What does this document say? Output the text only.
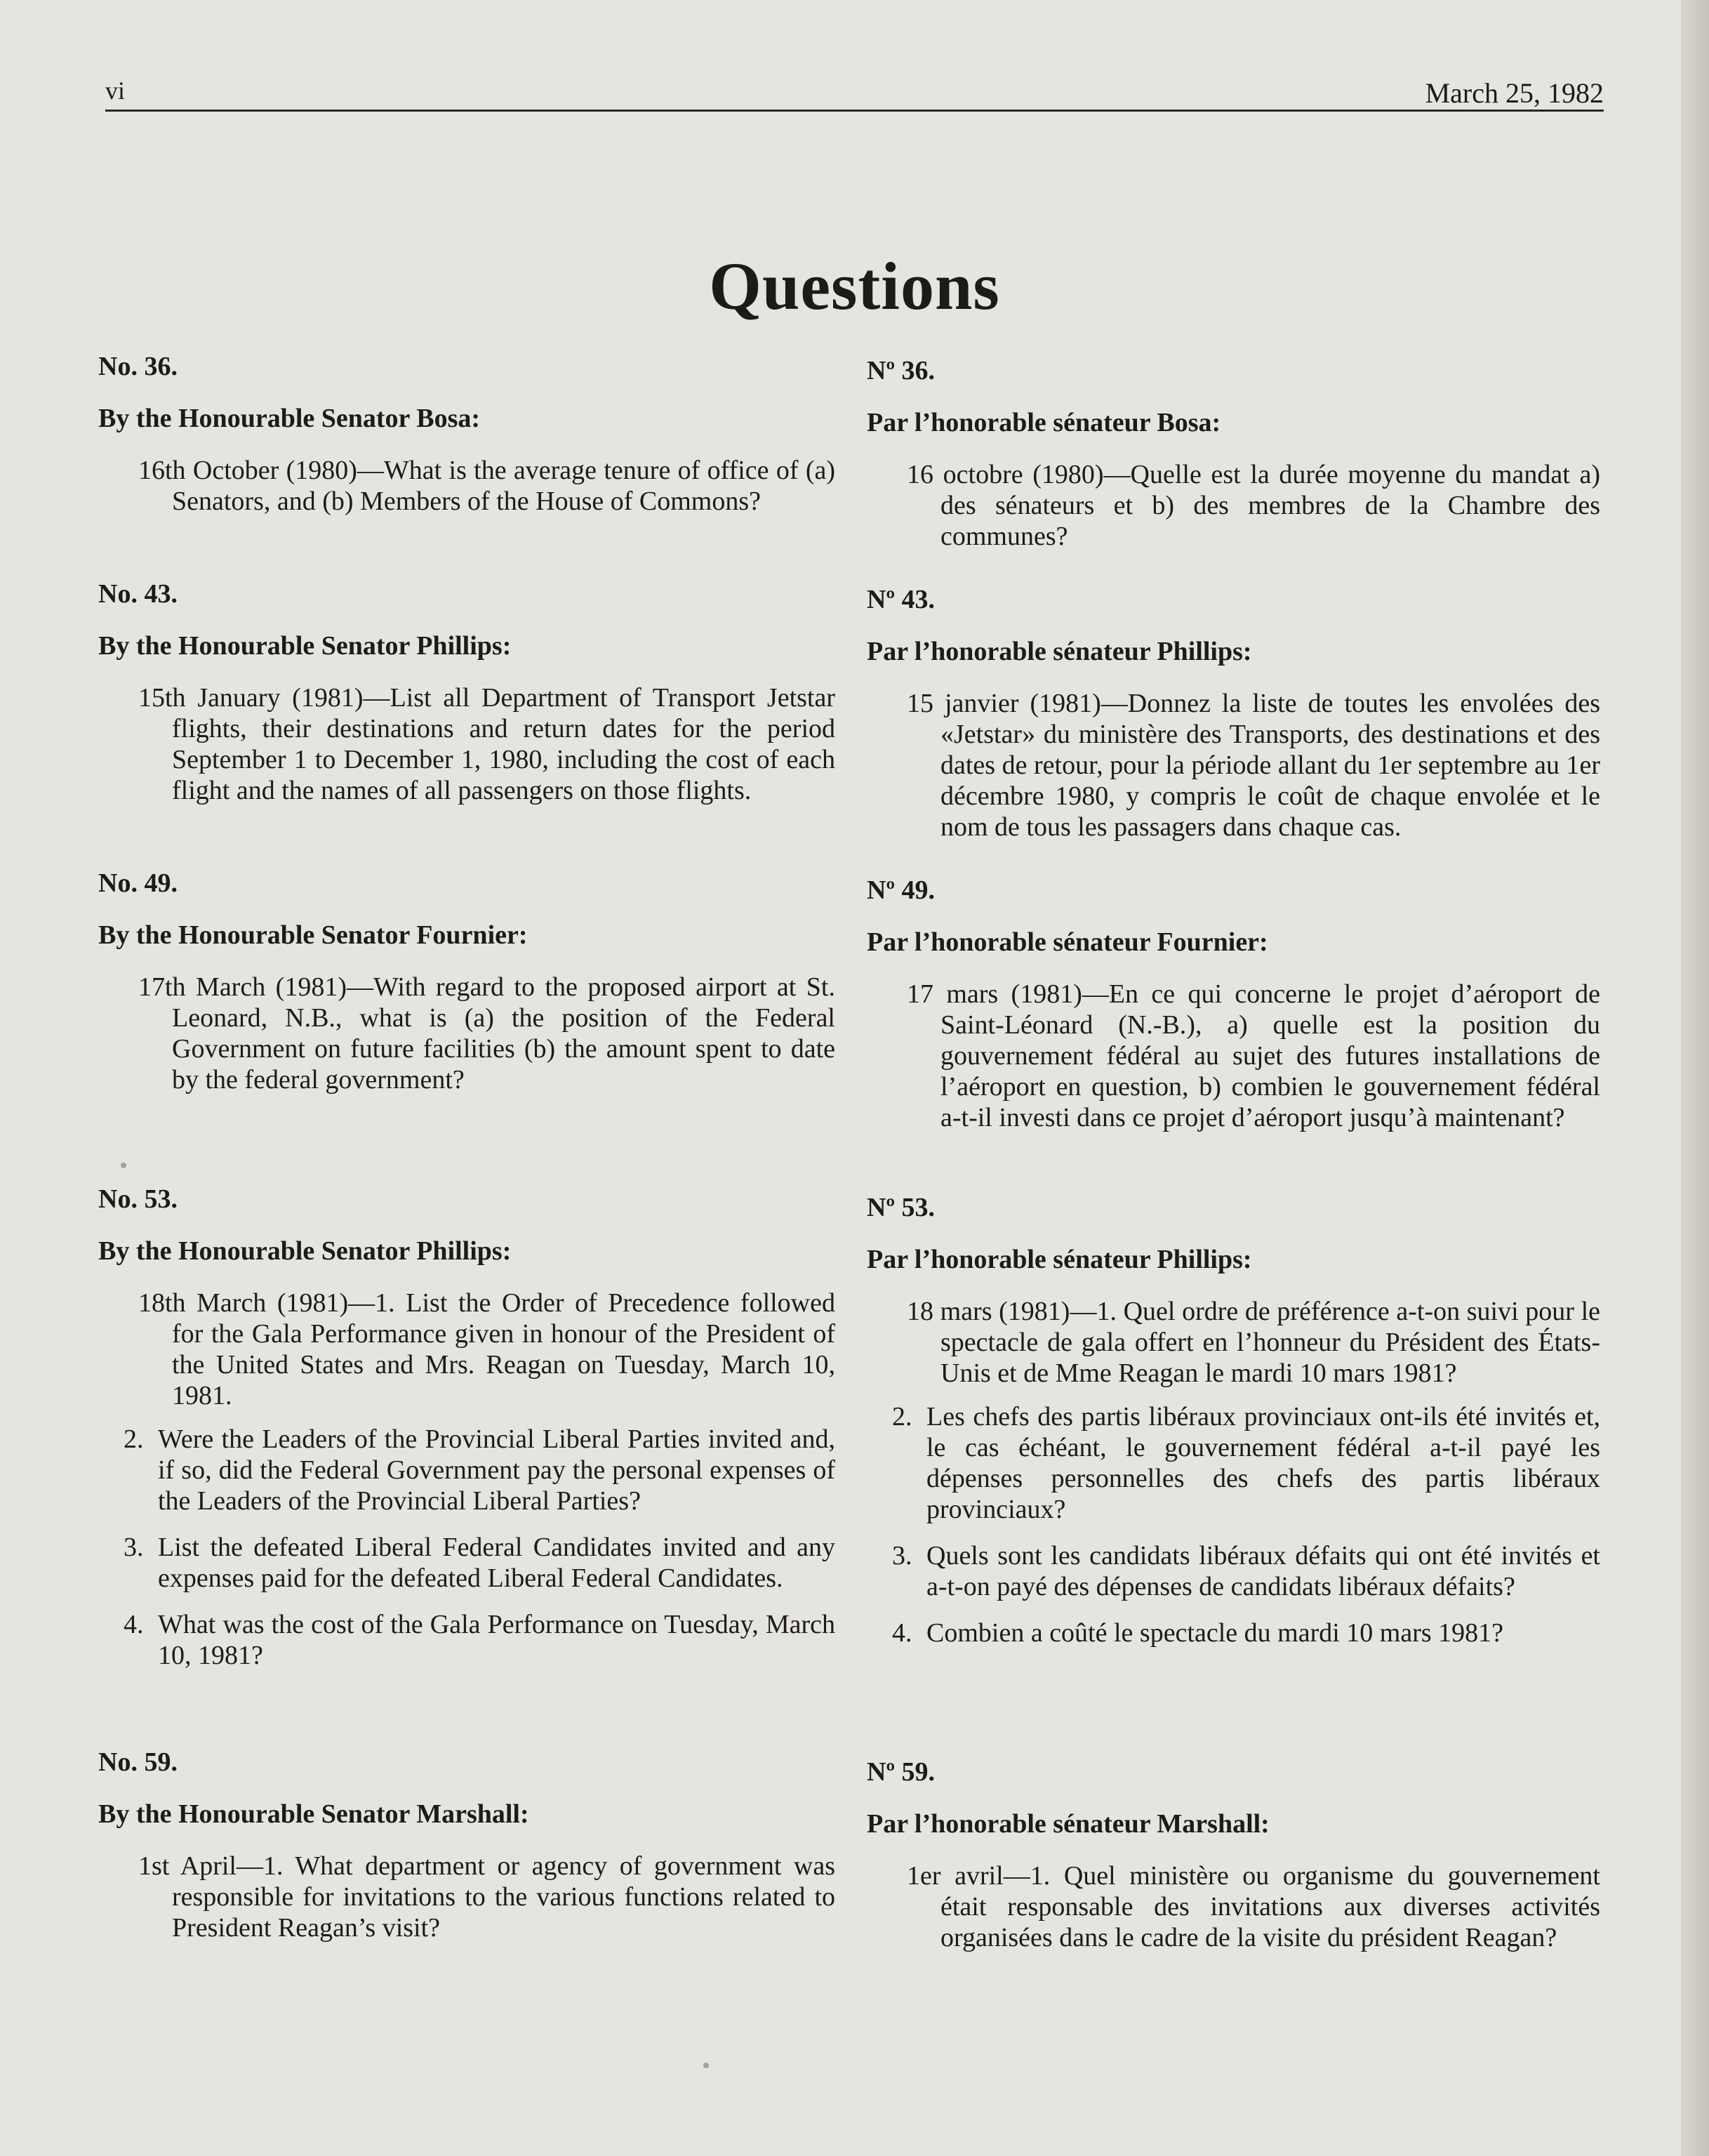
vi	March 25, 1982
Questions

No. 36.

By the Honourable Senator Bosa:

16th October (1980)—What is the average tenure of office of (a) Senators, and (b) Members of the House of Commons?

No. 43.

By the Honourable Senator Phillips:

15th January (1981)—List all Department of Transport Jetstar flights, their destinations and return dates for the period September 1 to December 1, 1980, including the cost of each flight and the names of all passengers on those flights.

No. 49.

By the Honourable Senator Fournier:

17th March (1981)—With regard to the proposed airport at St. Leonard, N.B., what is (a) the position of the Federal Government on future facilities (b) the amount spent to date by the federal government?

No. 53.

By the Honourable Senator Phillips:

18th March (1981)—1. List the Order of Precedence followed for the Gala Performance given in honour of the President of the United States and Mrs. Reagan on Tuesday, March 10, 1981.

2. Were the Leaders of the Provincial Liberal Parties invited and, if so, did the Federal Government pay the personal expenses of the Leaders of the Provincial Liberal Parties?
3. List the defeated Liberal Federal Candidates invited and any expenses paid for the defeated Liberal Federal Candidates.
4. What was the cost of the Gala Performance on Tuesday, March 10, 1981?

No. 59.

By the Honourable Senator Marshall:

1st April—1. What department or agency of government was responsible for invitations to the various functions related to President Reagan’s visit?

Nº 36.

Par l’honorable sénateur Bosa:

16 octobre (1980)—Quelle est la durée moyenne du mandat a) des sénateurs et b) des membres de la Chambre des communes?

Nº 43.

Par l’honorable sénateur Phillips:

15 janvier (1981)—Donnez la liste de toutes les envolées des «Jetstar» du ministère des Transports, des destinations et des dates de retour, pour la période allant du 1er septembre au 1er décembre 1980, y compris le coût de chaque envolée et le nom de tous les passagers dans chaque cas.

Nº 49.

Par l’honorable sénateur Fournier:

17 mars (1981)—En ce qui concerne le projet d’aéroport de Saint-Léonard (N.-B.), a) quelle est la position du gouvernement fédéral au sujet des futures installations de l’aéroport en question, b) combien le gouvernement fédéral a-t-il investi dans ce projet d’aéroport jusqu’à maintenant?

Nº 53.

Par l’honorable sénateur Phillips:

18 mars (1981)—1. Quel ordre de préférence a-t-on suivi pour le spectacle de gala offert en l’honneur du Président des États-Unis et de Mme Reagan le mardi 10 mars 1981?

2. Les chefs des partis libéraux provinciaux ont-ils été invités et, le cas échéant, le gouvernement fédéral a-t-il payé les dépenses personnelles des chefs des partis libéraux provinciaux?
3. Quels sont les candidats libéraux défaits qui ont été invités et a-t-on payé des dépenses de candidats libéraux défaits?
4. Combien a coûté le spectacle du mardi 10 mars 1981?

Nº 59.

Par l’honorable sénateur Marshall:

1er avril—1. Quel ministère ou organisme du gouvernement était responsable des invitations aux diverses activités organisées dans le cadre de la visite du président Reagan?
